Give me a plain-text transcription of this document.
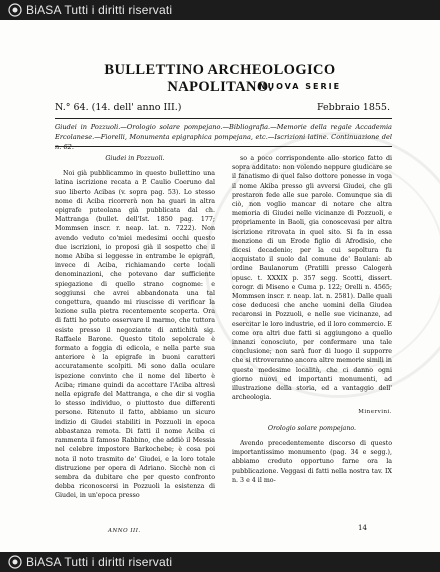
BiASA Tutti i diritti riservati
BULLETTINO ARCHEOLOGICO NAPOLITANO.
NUOVA SERIE
N.° 64. (14. dell' anno III.)	Febbraio 1855.
Giudei in Pozzuoli.—Orologio solare pompejano.—Bibliografia.—Memorie della regale Accademia Ercolanese.—Fiorelli, Monumenta epigraphica pompejana, etc.—Iscrizioni latine. Continuazione del n. 62.

Giudei in Pozzuoli.

Noi già pubblicammo in questo bullettino una latina iscrizione recata a P. Caulio Coeruno dal suo liberto Acibas (v. sopra pag. 53). Lo stesso nome di Aciba ricorrerà non ha guari in altra epigrafe puteolana già pubblicata dal ch. Mattranga (bullet. dell'Ist. 1850 pag. 177; Mommsen inscr. r. neap. lat. n. 7222). Non avendo veduto co'miei medesimi occhi questo due iscrizioni, io proposi già il sospetto che il nome Abiba si leggesse in entrambe le epigrafi, invece di Aciba, richiamando certe locali denominazioni, che potevano dar sufficiente spiegazione di quello strano cognome: e soggiunsi che avrei abbandonata una tal congettura, quando mi riuscisse di verificar la lezione sulla pietra recentemente scoperta. Ora di fatti ho potuto osservare il marmo, che tuttora esiste presso il negoziante di antichità sig. Raffaele Barone. Questo titolo sepolcrale è formato a foggia di edicola, e nella parte sua anteriore è la epigrafe in buoni caratteri accuratamente scolpiti. Mi sono dalla oculare ispezione convinto che il nome del liberto è Aciba; rimane quindi da accettare l'Aciba altresì nella epigrafe del Mattranga, e che dir si voglia lo stesso individuo, o piuttosto due differenti persone. Ritenuto il fatto, abbiamo un sicuro indizio di Giudei stabiliti in Pozzuoli in epoca abbastanza remota. Di fatti il nome Aciba ci rammenta il famoso Rabbino, che addiò il Messia nel celebre impostore Barkochebe; è cosa poi nota il noto trasmito de' Giudei, e la loro totale distruzione per opera di Adriano. Sicchè non ci sembra da dubitare che per questo confronto debba riconoscersi in Pozzuoli la esistenza di Giudei, in un'epoca presso

so a poco corrispondente allo storico fatto di sopra additato: non volendo neppure giudicare se il fanatismo di quel falso dottore ponesse in voga il nome Akiba presso gli avversi Giudei, che gli prestaron fede alle sue parole. Comunque sia di ciò, non voglio mancar di notare che altra memoria di Giudei nelle vicinanze di Pozzuoli, e propriamente in Baoli, gia conoscevasi per altra iscrizione ritrovata in quel sito. Si fa in essa menzione di un Erode figlio di Afrodisio, che dicesi decadenio; per la cui sepoltura fu acquistato il suolo dal comune de' Baulani: ab ordine Baulanorum (Pratilli presso Calogerà opusc. t. XXXIX p. 357 segg. Scotti, dissert. corogr. di Miseno e Cuma p. 122; Orelli n. 4565; Mommsen inscr. r. neap. lat. n. 2581). Dalle quali cose deducesi che anche uomini della Giudea recaronsi in Pozzuoli, e nelle sue vicinanze, ad esercitar le loro industrie, ed il loro commercio. E come ora altri due fatti si aggiungono a quello innanzi conosciuto, per confermare una tale conclusione; non sarà fuor di luogo il supporre che si ritroveranno ancora altre memorie simili in queste medesime località, che ci danno ogni giorno nuovi ed importanti monumenti, ad illustrazione della storia, ed a vantaggio dell' archeologia.

Minervini.

Orologio solare pompejano.

Avendo precedentemente discorso di questo importantissimo monumento (pag. 34 e segg.), abbiamo creduto opportuno farne ora la pubblicazione. Veggasi di fatti nella nostra tav. IX n. 3 e 4 il mo-

ANNO III.	14
BiASA Tutti i diritti riservati
